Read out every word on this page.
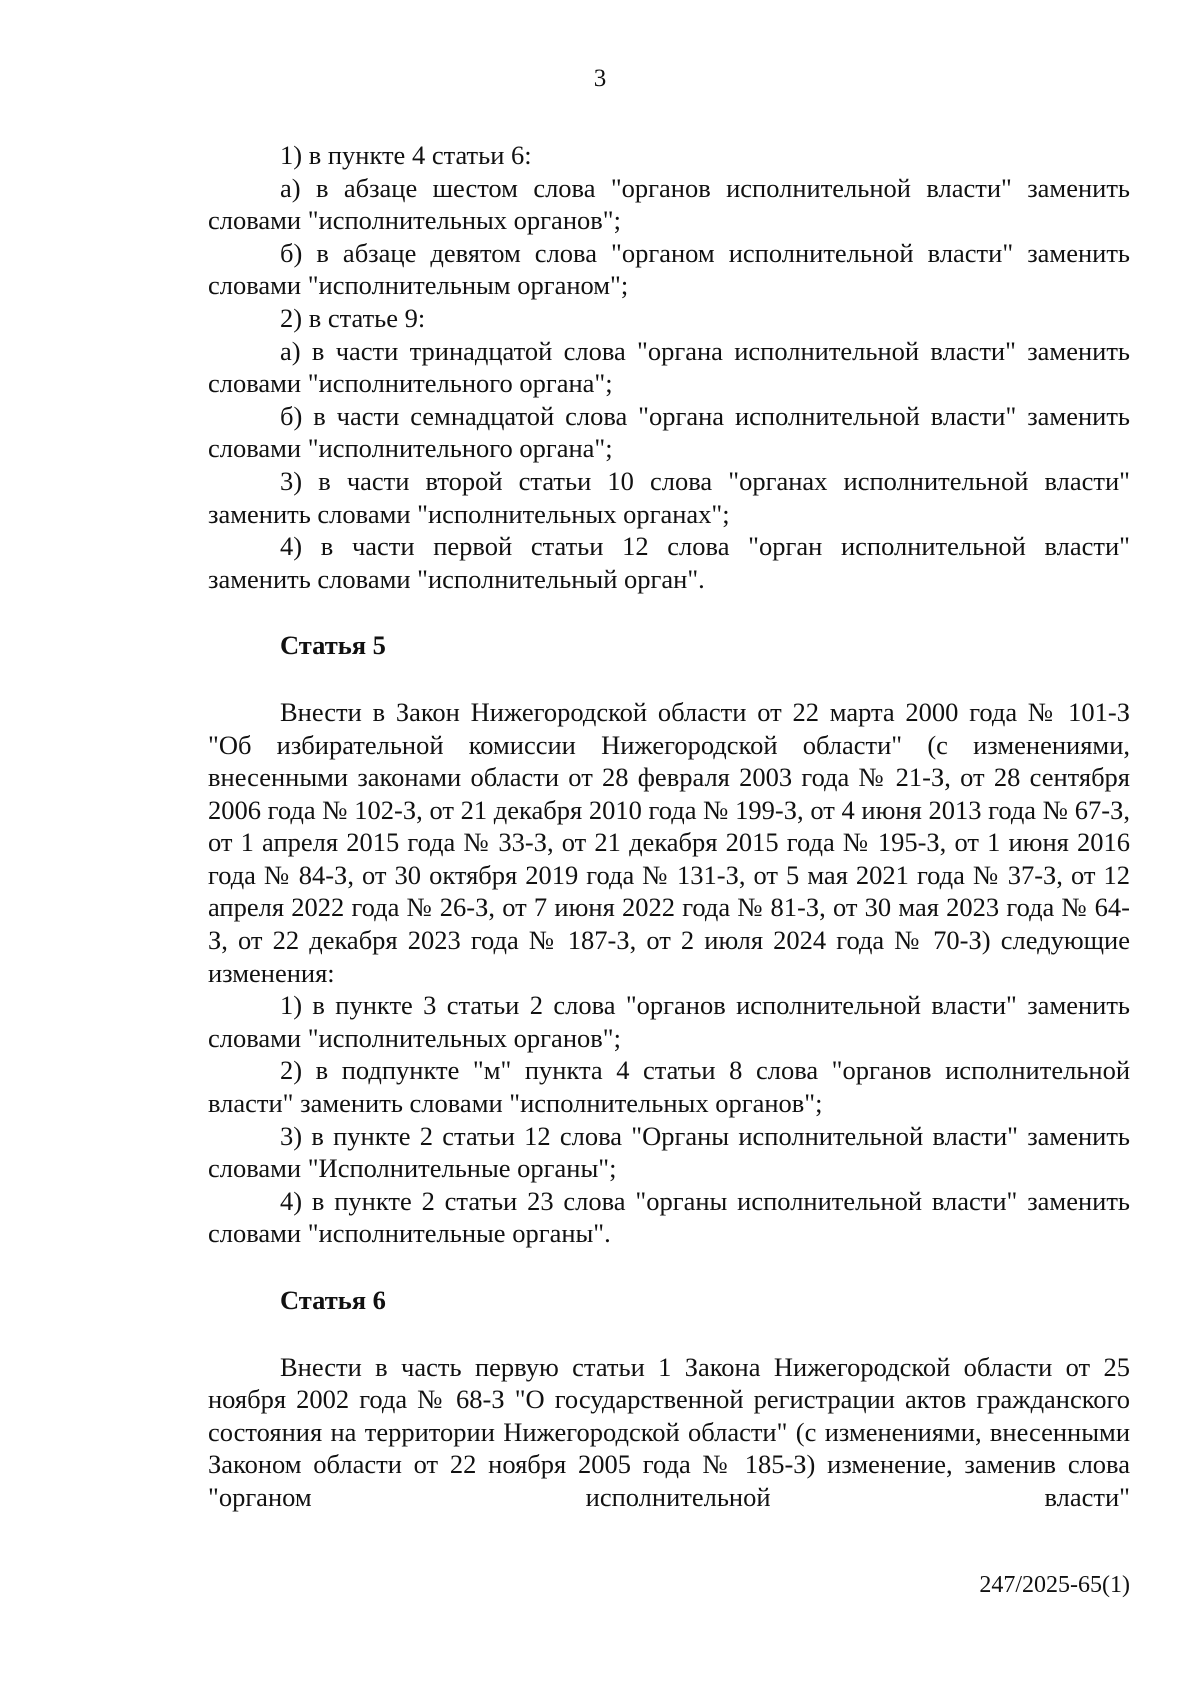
3

1) в пункте 4 статьи 6:

а) в абзаце шестом слова "органов исполнительной власти" заменить словами "исполнительных органов";

б) в абзаце девятом слова "органом исполнительной власти" заменить словами "исполнительным органом";

2) в статье 9:

а) в части тринадцатой слова "органа исполнительной власти" заменить словами "исполнительного органа";

б) в части семнадцатой слова "органа исполнительной власти" заменить словами "исполнительного органа";

3) в части второй статьи 10 слова "органах исполнительной власти" заменить словами "исполнительных органах";

4) в части первой статьи 12 слова "орган исполнительной власти" заменить словами "исполнительный орган".

Статья 5

Внести в Закон Нижегородской области от 22 марта 2000 года № 101-З "Об избирательной комиссии Нижегородской области" (с изменениями, внесенными законами области от 28 февраля 2003 года № 21-З, от 28 сентября 2006 года № 102-З, от 21 декабря 2010 года № 199-З, от 4 июня 2013 года № 67-З, от 1 апреля 2015 года № 33-З, от 21 декабря 2015 года № 195-З, от 1 июня 2016 года № 84-З, от 30 октября 2019 года № 131-З, от 5 мая 2021 года № 37-З, от 12 апреля 2022 года № 26-З, от 7 июня 2022 года № 81-З, от 30 мая 2023 года № 64-З, от 22 декабря 2023 года № 187-З, от 2 июля 2024 года № 70-З) следующие изменения:

1) в пункте 3 статьи 2 слова "органов исполнительной власти" заменить словами "исполнительных органов";

2) в подпункте "м" пункта 4 статьи 8 слова "органов исполнительной власти" заменить словами "исполнительных органов";

3) в пункте 2 статьи 12 слова "Органы исполнительной власти" заменить словами "Исполнительные органы";

4) в пункте 2 статьи 23 слова "органы исполнительной власти" заменить словами "исполнительные органы".

Статья 6

Внести в часть первую статьи 1 Закона Нижегородской области от 25 ноября 2002 года № 68-З "О государственной регистрации актов гражданского состояния на территории Нижегородской области" (с изменениями, внесенными Законом области от 22 ноября 2005 года № 185-З) изменение, заменив слова "органом исполнительной власти"

247/2025-65(1)
